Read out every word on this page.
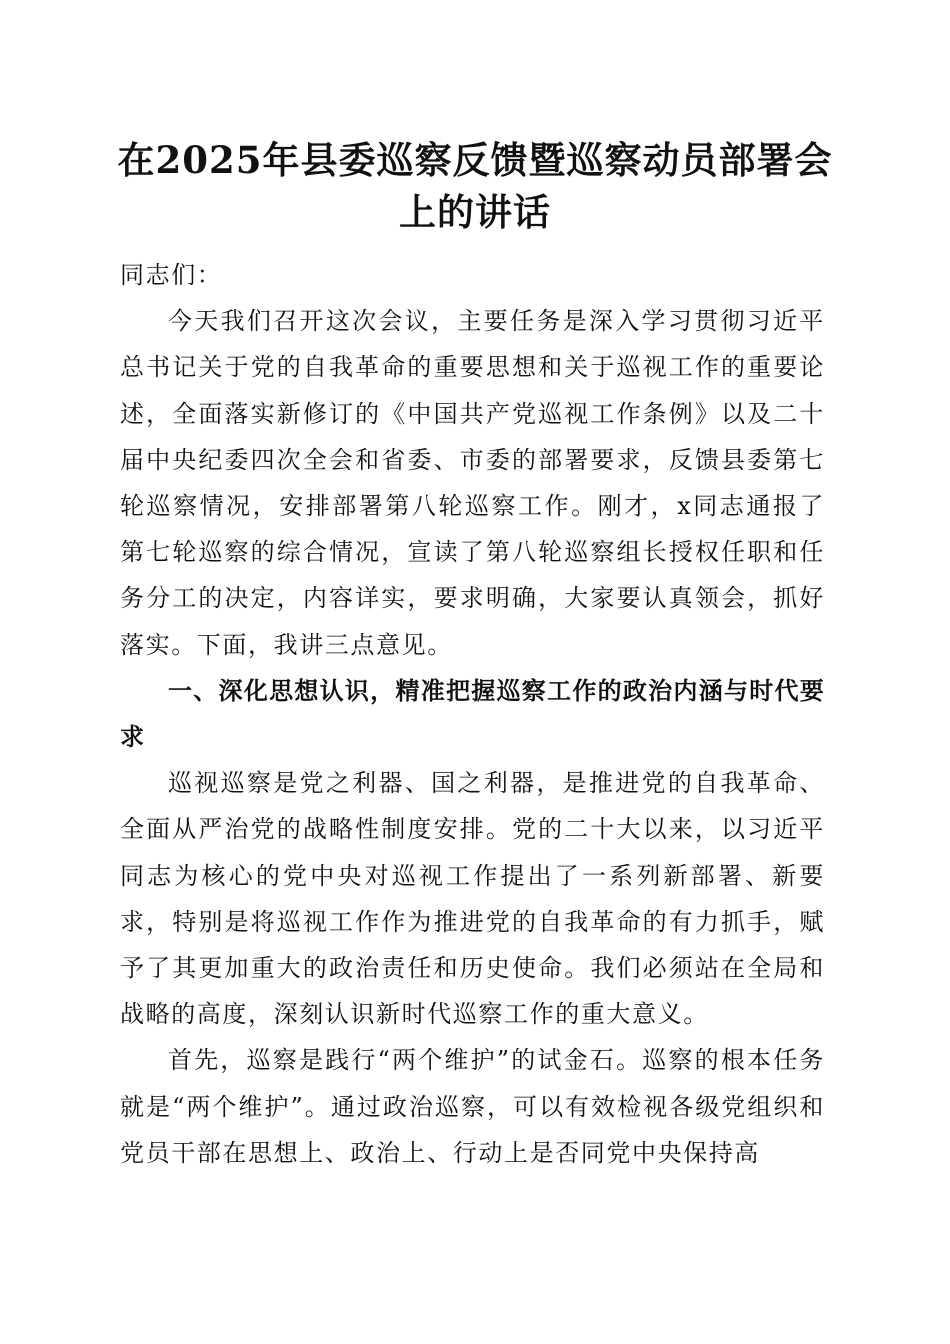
在2025年县委巡察反馈暨巡察动员部署会上的讲话

同志们：

今天我们召开这次会议，主要任务是深入学习贯彻习近平总书记关于党的自我革命的重要思想和关于巡视工作的重要论述，全面落实新修订的《中国共产党巡视工作条例》以及二十届中央纪委四次全会和省委、市委的部署要求，反馈县委第七轮巡察情况，安排部署第八轮巡察工作。刚才，x同志通报了第七轮巡察的综合情况，宣读了第八轮巡察组长授权任职和任务分工的决定，内容详实，要求明确，大家要认真领会，抓好落实。下面，我讲三点意见。

一、深化思想认识，精准把握巡察工作的政治内涵与时代要求

巡视巡察是党之利器、国之利器，是推进党的自我革命、全面从严治党的战略性制度安排。党的二十大以来，以习近平同志为核心的党中央对巡视工作提出了一系列新部署、新要求，特别是将巡视工作作为推进党的自我革命的有力抓手，赋予了其更加重大的政治责任和历史使命。我们必须站在全局和战略的高度，深刻认识新时代巡察工作的重大意义。

首先，巡察是践行“两个维护”的试金石。巡察的根本任务就是“两个维护”。通过政治巡察，可以有效检视各级党组织和党员干部在思想上、政治上、行动上是否同党中央保持高
